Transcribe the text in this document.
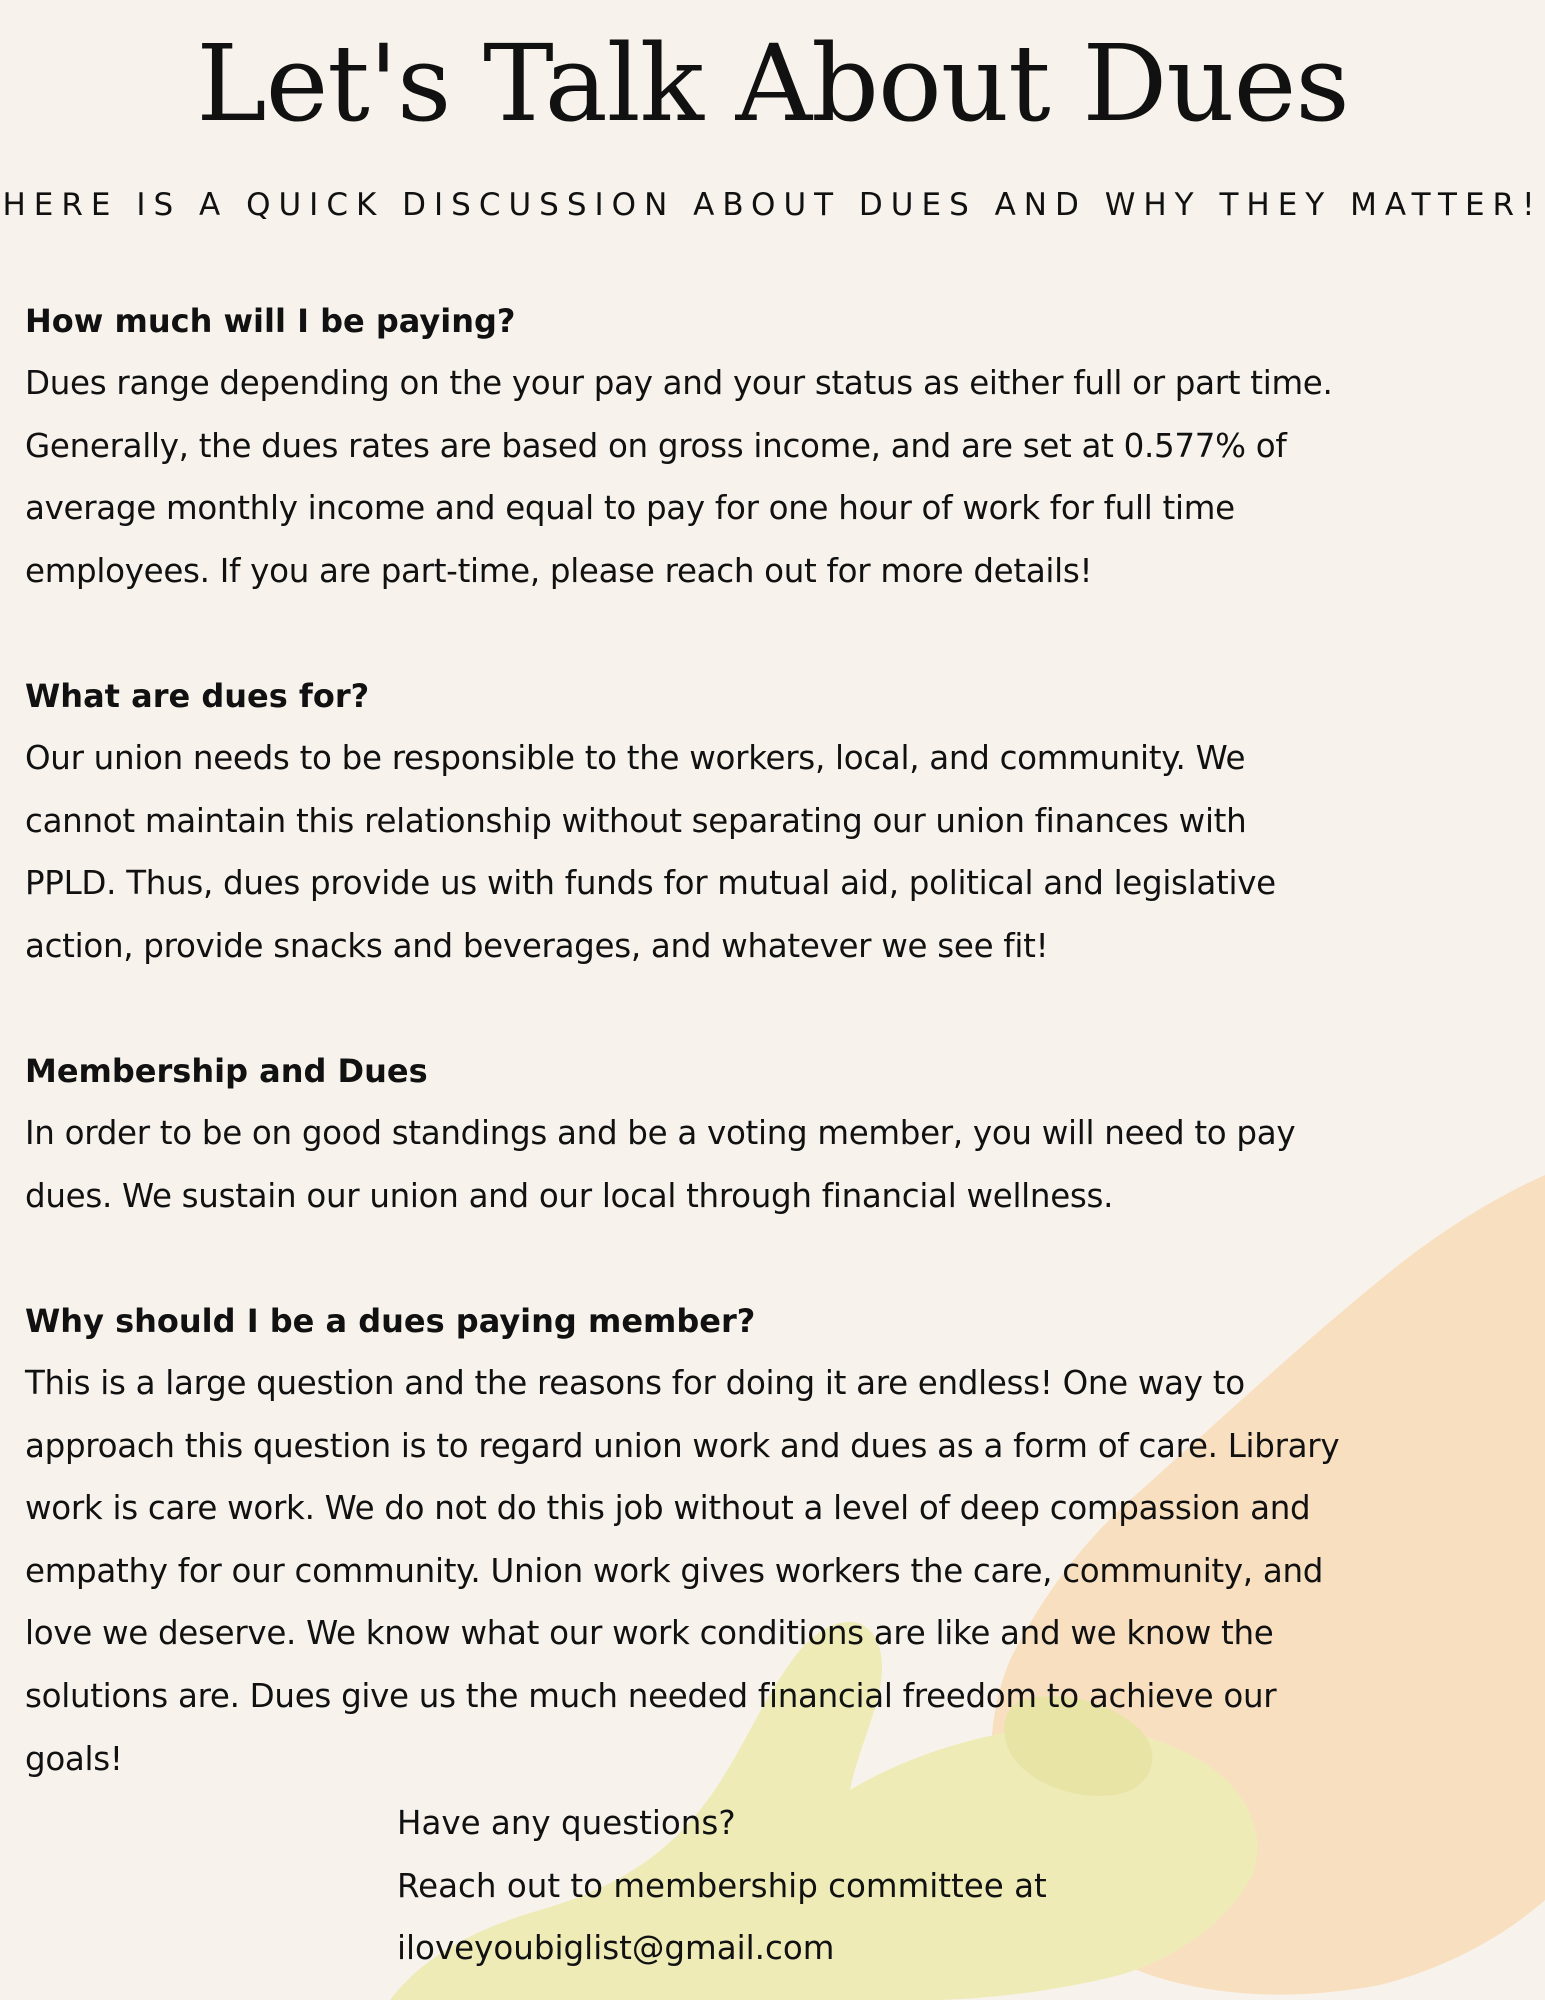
Let's Talk About Dues

HERE IS A QUICK DISCUSSION ABOUT DUES AND WHY THEY MATTER!

How much will I be paying?

Dues range depending on the your pay and your status as either full or part time.
Generally, the dues rates are based on gross income, and are set at 0.577% of
average monthly income and equal to pay for one hour of work for full time
employees. If you are part-time, please reach out for more details!

What are dues for?

Our union needs to be responsible to the workers, local, and community. We
cannot maintain this relationship without separating our union finances with
PPLD. Thus, dues provide us with funds for mutual aid, political and legislative
action, provide snacks and beverages, and whatever we see fit!

Membership and Dues

In order to be on good standings and be a voting member, you will need to pay
dues. We sustain our union and our local through financial wellness.

Why should I be a dues paying member?

This is a large question and the reasons for doing it are endless! One way to
approach this question is to regard union work and dues as a form of care. Library
work is care work. We do not do this job without a level of deep compassion and
empathy for our community. Union work gives workers the care, community, and
love we deserve. We know what our work conditions are like and we know the
solutions are. Dues give us the much needed financial freedom to achieve our
goals!

Have any questions?

Reach out to membership committee at

iloveyoubiglist@gmail.com
